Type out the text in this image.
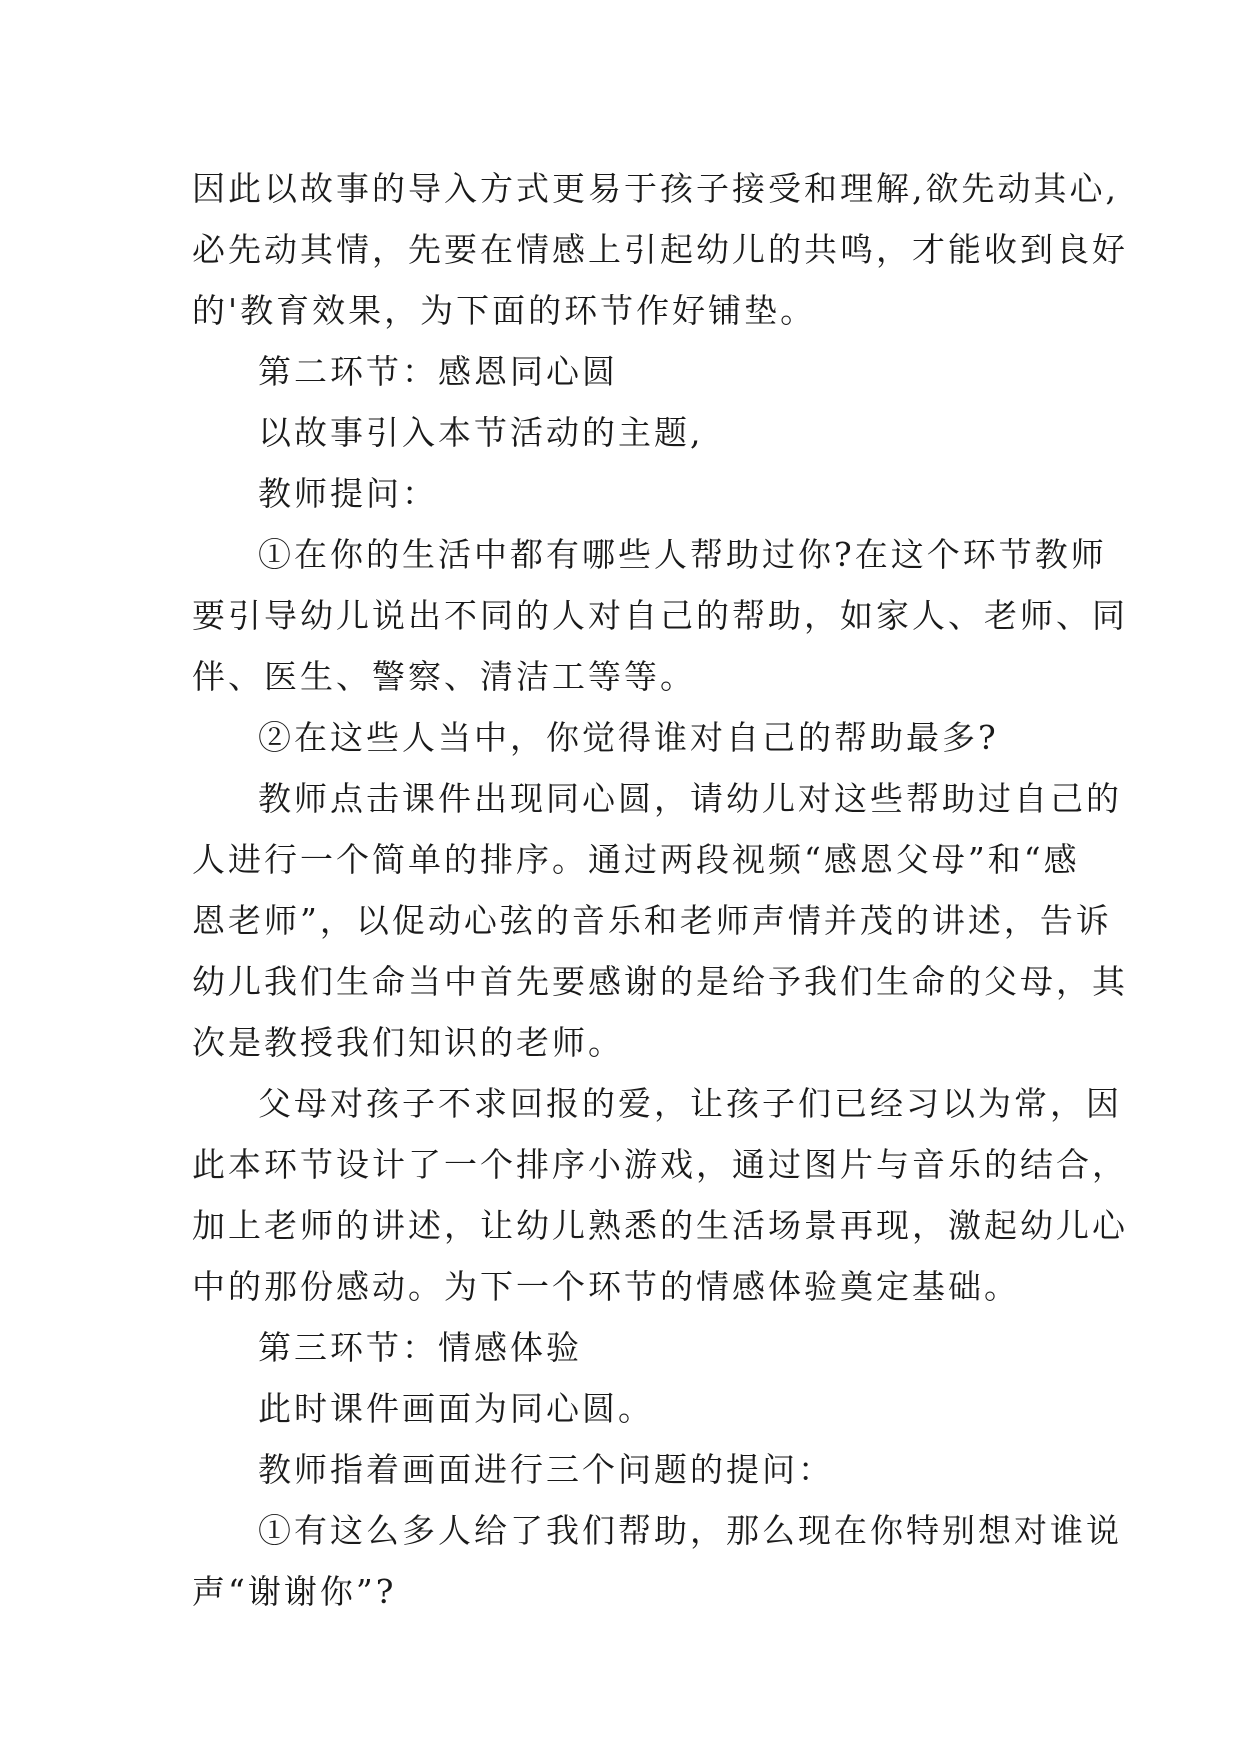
因此以故事的导入方式更易于孩子接受和理解,欲先动其心,
必先动其情，先要在情感上引起幼儿的共鸣，才能收到良好
的'教育效果，为下面的环节作好铺垫。
第二环节：感恩同心圆
以故事引入本节活动的主题,
教师提问：
①在你的生活中都有哪些人帮助过你?在这个环节教师
要引导幼儿说出不同的人对自己的帮助，如家人、老师、同
伴、医生、警察、清洁工等等。
②在这些人当中，你觉得谁对自己的帮助最多?
教师点击课件出现同心圆，请幼儿对这些帮助过自己的
人进行一个简单的排序。通过两段视频“感恩父母”和“感
恩老师”，以促动心弦的音乐和老师声情并茂的讲述，告诉
幼儿我们生命当中首先要感谢的是给予我们生命的父母，其
次是教授我们知识的老师。
父母对孩子不求回报的爱，让孩子们已经习以为常，因
此本环节设计了一个排序小游戏，通过图片与音乐的结合，
加上老师的讲述，让幼儿熟悉的生活场景再现，激起幼儿心
中的那份感动。为下一个环节的情感体验奠定基础。
第三环节：情感体验
此时课件画面为同心圆。
教师指着画面进行三个问题的提问：
①有这么多人给了我们帮助，那么现在你特别想对谁说
声“谢谢你”?
